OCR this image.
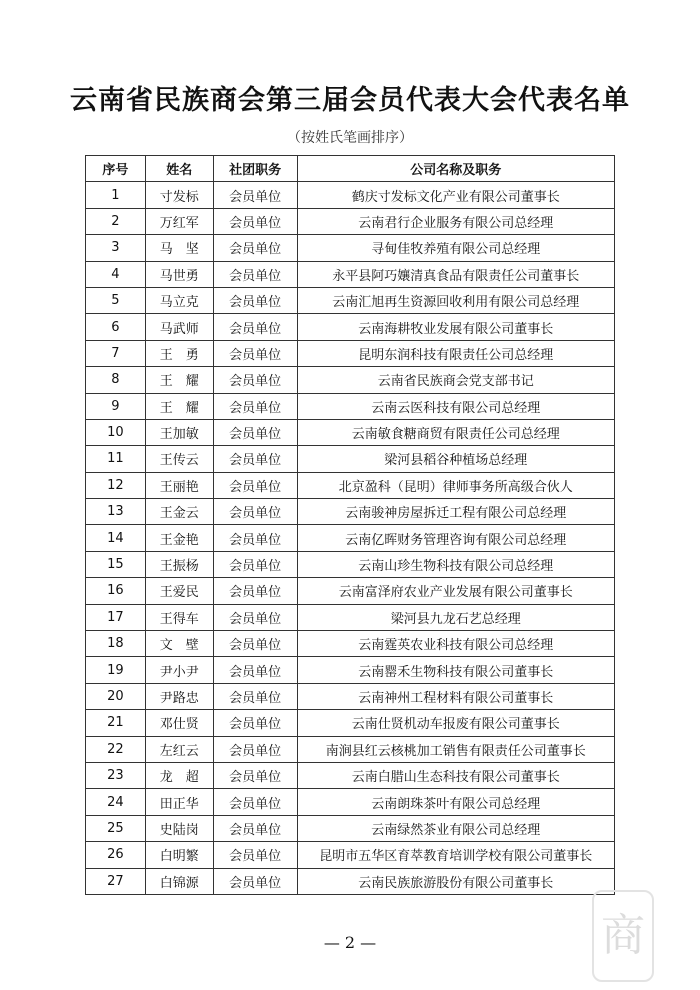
云南省民族商会第三届会员代表大会代表名单
（按姓氏笔画排序）
序号	姓名	社团职务	公司名称及职务
1	寸发标	会员单位	鹤庆寸发标文化产业有限公司董事长
2	万红军	会员单位	云南君行企业服务有限公司总经理
3	马　坚	会员单位	寻甸佳牧养殖有限公司总经理
4	马世勇	会员单位	永平县阿巧孃清真食品有限责任公司董事长
5	马立克	会员单位	云南汇旭再生资源回收利用有限公司总经理
6	马武师	会员单位	云南海耕牧业发展有限公司董事长
7	王　勇	会员单位	昆明东润科技有限责任公司总经理
8	王　耀	会员单位	云南省民族商会党支部书记
9	王　耀	会员单位	云南云医科技有限公司总经理
10	王加敏	会员单位	云南敏食糖商贸有限责任公司总经理
11	王传云	会员单位	梁河县稻谷种植场总经理
12	王丽艳	会员单位	北京盈科（昆明）律师事务所高级合伙人
13	王金云	会员单位	云南骏神房屋拆迁工程有限公司总经理
14	王金艳	会员单位	云南亿晖财务管理咨询有限公司总经理
15	王振杨	会员单位	云南山珍生物科技有限公司总经理
16	王爱民	会员单位	云南富泽府农业产业发展有限公司董事长
17	王得车	会员单位	梁河县九龙石艺总经理
18	文　壁	会员单位	云南霆英农业科技有限公司总经理
19	尹小尹	会员单位	云南罂禾生物科技有限公司董事长
20	尹路忠	会员单位	云南神州工程材料有限公司董事长
21	邓仕贤	会员单位	云南仕贤机动车报废有限公司董事长
22	左红云	会员单位	南涧县红云核桃加工销售有限责任公司董事长
23	龙　超	会员单位	云南白腊山生态科技有限公司董事长
24	田正华	会员单位	云南朗珠茶叶有限公司总经理
25	史陆岗	会员单位	云南绿然茶业有限公司总经理
26	白明繁	会员单位	昆明市五华区育萃教育培训学校有限公司董事长
27	白锦源	会员单位	云南民族旅游股份有限公司董事长
— 2 —	商
